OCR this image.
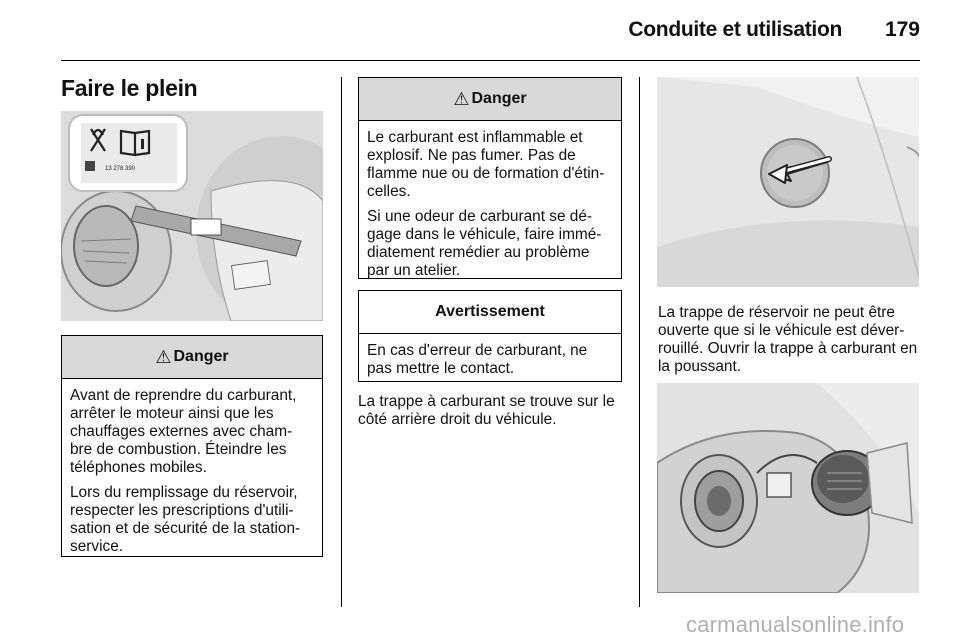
Conduite et utilisation	179
Faire le plein
13 278 390
⚠ Danger

Avant de reprendre du carburant, arrêter le moteur ainsi que les chauffages externes avec cham-bre de combustion. Éteindre les téléphones mobiles.

Lors du remplissage du réservoir, respecter les prescriptions d'utili-sation et de sécurité de la station-service.

⚠ Danger

Le carburant est inflammable et explosif. Ne pas fumer. Pas de flamme nue ou de formation d'étin-celles.

Si une odeur de carburant se dé-gage dans le véhicule, faire immé-diatement remédier au problème par un atelier.

Avertissement

En cas d'erreur de carburant, ne pas mettre le contact.

La trappe à carburant se trouve sur le côté arrière droit du véhicule.
La trappe de réservoir ne peut être ouverte que si le véhicule est déver-rouillé. Ouvrir la trappe à carburant en la poussant.
carmanualsonline.info
